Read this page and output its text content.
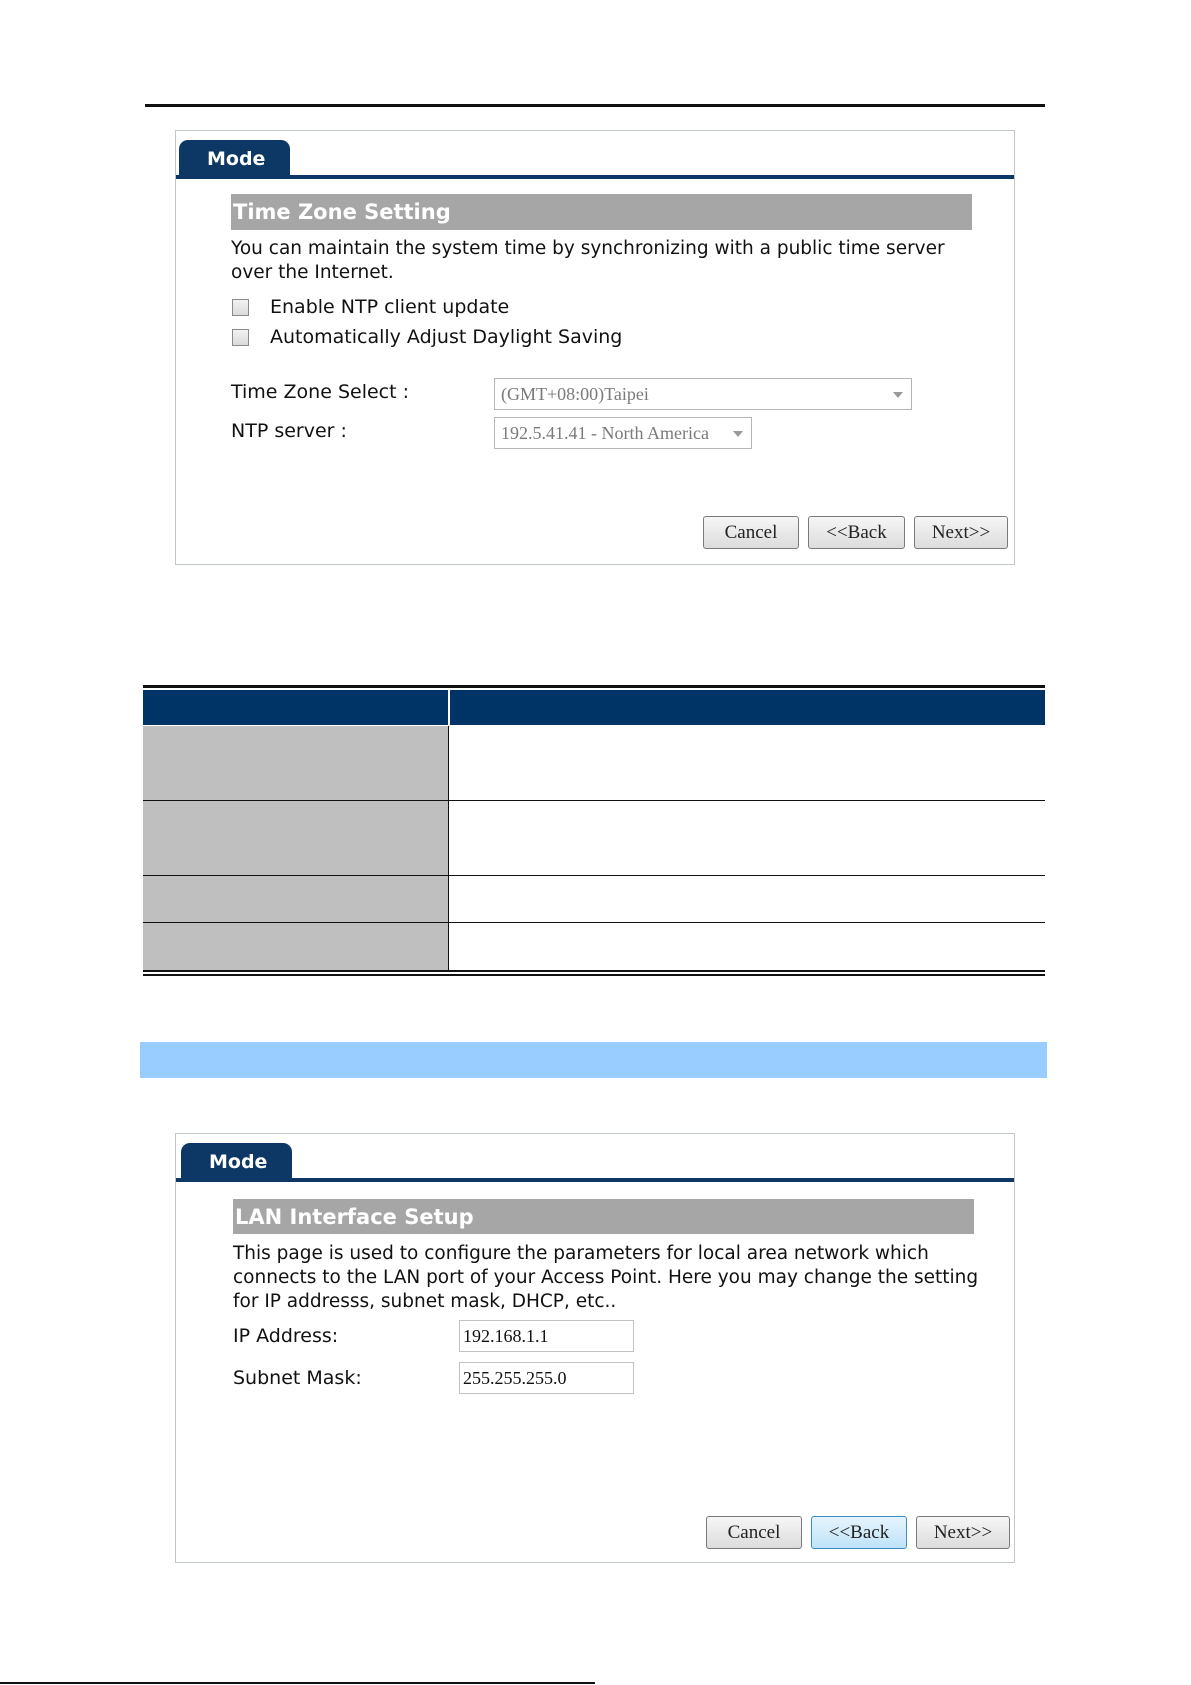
Mode
Time Zone Setting
You can maintain the system time by synchronizing with a public time server over the Internet.
Enable NTP client update
Automatically Adjust Daylight Saving
Time Zone Select :	(GMT+08:00)Taipei
NTP server :	192.5.41.41 - North America
Cancel	<<Back	Next>>
Mode
LAN Interface Setup
This page is used to configure the parameters for local area network which connects to the LAN port of your Access Point. Here you may change the setting for IP addresss, subnet mask, DHCP, etc..
IP Address:	192.168.1.1
Subnet Mask:	255.255.255.0
Cancel	<<Back	Next>>
